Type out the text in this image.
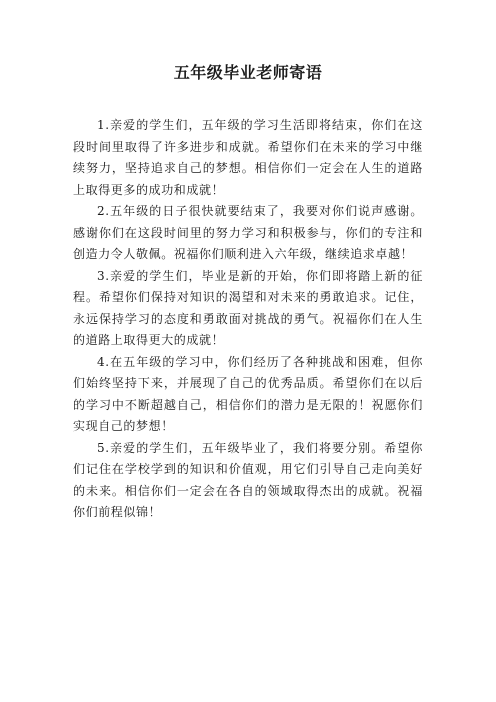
五年级毕业老师寄语

1.亲爱的学生们，五年级的学习生活即将结束，你们在这段时间里取得了许多进步和成就。希望你们在未来的学习中继续努力，坚持追求自己的梦想。相信你们一定会在人生的道路上取得更多的成功和成就！

2.五年级的日子很快就要结束了，我要对你们说声感谢。感谢你们在这段时间里的努力学习和积极参与，你们的专注和创造力令人敬佩。祝福你们顺利进入六年级，继续追求卓越！

3.亲爱的学生们，毕业是新的开始，你们即将踏上新的征程。希望你们保持对知识的渴望和对未来的勇敢追求。记住，永远保持学习的态度和勇敢面对挑战的勇气。祝福你们在人生的道路上取得更大的成就！

4.在五年级的学习中，你们经历了各种挑战和困难，但你们始终坚持下来，并展现了自己的优秀品质。希望你们在以后的学习中不断超越自己，相信你们的潜力是无限的！祝愿你们实现自己的梦想！

5.亲爱的学生们，五年级毕业了，我们将要分别。希望你们记住在学校学到的知识和价值观，用它们引导自己走向美好的未来。相信你们一定会在各自的领域取得杰出的成就。祝福你们前程似锦！
